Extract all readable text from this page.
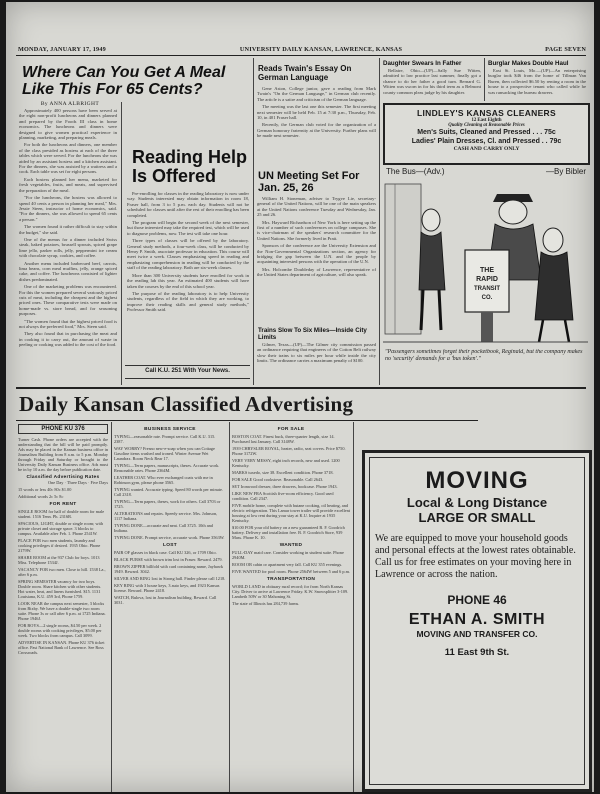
MONDAY, JANUARY 17, 1949	UNIVERSITY DAILY KANSAN, LAWRENCE, KANSAS	PAGE SEVEN
Where Can You Get A Meal Like This For 65 Cents?
By ANNA ALBRIGHT

Approximately 400 persons have been served at the eight non-profit luncheons and dinners planned and prepared by the Foods III class in home economics. The luncheons and dinners were designed to give women practical experience in planning, marketing, and preparing meals.

For both the luncheons and dinners, one member of the class presided as hostess at each of the three tables which were served. For the luncheons she was aided by an assistant hostess and a kitchen assistant. For the dinners, she was assisted by a waitress and a cook. Each table was set for eight persons.

Each hostess planned her menu, marketed for fresh vegetables, fruits, and meats, and supervised the preparation of the meal.

"For the luncheons, the hostess was allowed to spend 40 cents a person in planning her meal," Mrs. Jessie Steen, instructor of home economics, said. "For the dinners, she was allowed to spend 65 cents a person."

The women found it rather difficult to stay within the budget," she said.

One of the menus for a dinner included Swiss steak, baked potatoes, brussell sprouts, spiced grape lime jello, parker rolls, jelly, peppermint ice cream with chocolate syrup, cookies, and coffee.

Another menu included barbecued beef, carrots, lima beans, corn meal muffins, jelly, orange spiced cake, and coffee. The luncheons consisted of lighter dishes predominated.

One of the marketing problems was encountered. For this the women prepared several variously priced cuts of meat, including the cheapest and the highest priced ones. These comparative tests were made on home-made vs. store bread, and for seasoning purposes.

"The women found that the highest priced food is not always the preferred food," Mrs. Steen said.

They also found that in purchasing the meat and in cooking it to carry out, the amount of waste in peeling or cooking was added to the cost of the food.

Reading Help Is Offered

Pre-enrolling for classes in the reading laboratory is now under way. Students interested may obtain information in room 18, Fraser hall, from 3 to 5 p.m. each day. Students will not be scheduled for classes until after the rest of their enrolling has been completed.

The program will begin the second week of the next semester, but those interested may take the required test, which will be used to diagnose problems, now. The test will take one hour.

Three types of classes will be offered by the laboratory. General study methods, a four-week class, will be conducted by Henry P. Smith, associate professor in education. This course will meet twice a week. Classes emphasizing speed in reading and emphasizing comprehension in reading will be conducted by the staff of the reading laboratory. Both are six-week classes.

More than 300 University students have enrolled for work in the reading lab this year. An estimated 400 students will have taken the courses by the end of this school year.

The purpose of the reading laboratory is to help University students, regardless of the field in which they are working, to improve their reading skills and general study methods," Professor Smith said.

Call K.U. 251 With Your News.
Reads Twain's Essay On German Language

Gene Aston, College junior, gave a reading from Mark Twain's "On the German Language," in German club recently. The article is a satire and criticism of the German language.

The meeting was the last one this semester. The first meeting next semester will be held Feb. 15 at 7:30 p.m., Thursday, Feb. 10, in 401 Fraser hall.

Recently, the German club voted for the organization of a German honorary fraternity at the University. Further plans will be made next semester.

UN Meeting Set For Jan. 25, 26

William H. Stoneman, adviser to Trygve Lie, secretary-general of the United Nations, will be one of the main speakers at the United Nations conference Tuesday and Wednesday, Jan. 25 and 26.

Mrs. Hayward Richardson of New York is here setting up the first of a number of such conferences on college campuses. She is vice-chairman of the speakers' research committee for the United Nations. She formerly lived in Pratt.

Sponsors of the conference are the University Extension and the Non-Governmental Organizations section, an agency for bridging the gap between the U.N. and the people by acquainting interested persons with the operation of the U.N.

Mrs. Holcombe Doubleday of Lawrence, representative of the United States department of agriculture, will also speak.

Trains Slow To Six Miles—Inside City Limits

Gilmer, Texas—(UP)—The Gilmer city commission passed an ordinance requiring that engineers of the Cotton Belt railway slow their trains to six miles per hour while inside the city limits. The ordinance carries a maximum penalty of $100.

Daughter Swears In Father

Bellaire, Ohio—(UP)—Sally Sue Witten, admitted to law practice last summer, finally got a chance to do her father a good turn. Bernard G. Witten was sworn in for his third term as a Belmont county common pleas judge by his daughter.

Burglar Makes Double Haul

East St. Louis, Mo.—(UP)—An enterprising burglar took $46 from the home of Tillman Van Buren, then collected $6.50 by renting a room in the house to a prospective tenant who called while he was ransacking the bureau drawers.

LINDLEY'S KANSAS CLEANERS
12 East Eighth
Quality Cleaning at Reasonable Prices
Men's Suits, Cleaned and Pressed . . . 75c
Ladies' Plain Dresses, Cl. and Pressed . . 79c
CASH AND CARRY ONLY
The Bus—(Adv.)	—By Bibler
THE
RAPID
TRANSIT
CO.
"Passengers sometimes forget their pocketbook, Reginald, but the company makes no 'security' demands for a 'bus token'."
Daily Kansan Classified Advertising
PHONE KU 376
Turner Cash. Phone orders are accepted with the understanding that the bill will be paid promptly. Ads may be placed in the Kansan business office in Journalism Building from 8 a.m. to 5 p.m. Monday through Friday and Saturday or brought to the University Daily Kansan Business office. Ads must be in by 10 a.m. the day before publication date.
Classified Advertising Rates
One Day · Three Days · Five Days
15 words or less 40c 80c $1.00
Additional words 2c 5c 8c
FOR RENT
SINGLE ROOM for half of double room for male student. 1516 Tenn. Ph. 2316R.
SPACIOUS, LIGHT, double or single room; with private closet and storage space. 3 blocks to campus. Available after Feb. 1. Phone 2541W.
PLACE FOR two men students, laundry and cooking privileges if desired. 1935 Ohio. Phone 2179W.
SHARE ROOM at the 937 Club for boys. 1013 Miss. Telephone 1534J.
VACANCY FOR two men. Close to hill. 1538 La., after 6 p.m.
SPRING SEMESTER vacancy for two boys. Double room. Share kitchen with other students. Hot water, heat, and linens furnished. $15. 1131 Louisiana, K.U. 459 3rd, Phone 1759.
LOOK NEAR the campus next semester, 3 blocks from Bixby. We have a double-single two room suite. Phone 3s or call after 6 p.m. at 1725 Indiana. Phone 1946J.
FOR BOYS—2 single rooms, $4.50 per week. 2 double rooms with cooking privileges, $5.00 per week. Two blocks from campus. Call 3099.
ADVERTISE IN KANSAN. Phone KU 376 ticket office. Past National Bank of Lawrence. See Ross Crossroads.
BUSINESS SERVICE
TYPING—reasonable rate. Prompt service. Call K.U. 315. 2387.
WAY WORRY? Fresno new-e-soap when you can Cottage Gasoline items washed and ironed. Winter Avenue Wet Laundrax. Room Neck Rear 17.
TYPING—Term papers, manuscripts, theses. Accurate work. Reasonable rates. Phone 2364M.
LEATHER COAT. Who ever exchanged coats with me in Robinson gym, please phone 3565.
TYPING wanted. Accurate typing. Speed 80 words per minute. Call 2318.
TYPING—Term papers, theses, work for others. Call 3703 or 1725.
ALTERATIONS and repairs. Speedy service. Mrs. Johnson, 1117 Indiana.
TYPING DONE—accurate and neat. Call 3725. 10th and Indiana.
TYPING DONE. Prompt service, accurate work. Phone 3563W.
LOST
PAIR OF glasses in black case. Call KU 326, or 1709 Ohio.
BLACK PURSE with brown trim lost in Fraser. Reward. 2479.
BROWN ZIPPER billfold with card containing name, Jayhawk 1949. Reward. 3042.
SILVER AND RING lost in Strong hall. Finder please call 1218.
KEY RING with 3 house keys, 3 auto keys, and 1923 Kansas license. Reward. Phone 2418.
WATCH, Bulova, lost in Journalism building. Reward. Call 3031.
FOR SALE
BOSTON COAT. Finest buck, three-quarter length, size 14. Purchased last January. Call 3148W.
1939 CHRYSLER ROYAL, heater, radio, seat covers. Price $750. Phone 3172W.
VERY VERY MESSY, eight inch records, new and used. 1200 Kentucky.
MARKS tuxedo, size 38. Excellent condition. Phone 3718.
FOR SALE Good cookstove. Reasonable. Call 2643.
SET Ironwood dresser, three drawers, bookcase. Phone 1943.
LIKE NEW FRA Scottish five-room efficiency. Good used condition. Call 2347.
FIVE mobile home, complete with butane cooking, oil heating, and electric refrigeration. This Lamar tower trailer will provide excellent housing at low rent during your stay at K.U. Inquire at 1935 Kentucky.
$10.00 FOR your old battery on a new guaranteed B. F. Goodrich battery. Delivery and installation free. B. F. Goodrich Store, 939 Mass. Phone K. 10.
WANTED
FULL-DAY maid care. Consider working in student suite. Phone 2940M.
ROOM OR cabin or apartment very fall. Call KU 355 evenings.
FIVE WANTED for pool room. Phone 2564W between 5 and 6 p.m.
TRANSPORTATION
WORLD LAND in obituary rural record; for from North Kansas City. Driver to arrive at Lawrence Friday. K.W. Snowsplitter 3-109. Lambeth 50W or 30 Mahoning St.
The state of Illinois has 284,739 farms.
MOVING
Local & Long Distance
LARGE OR SMALL
We are equipped to move your household goods and personal effects at the lowest rates obtainable. Call us for free estimates on your moving here in Lawrence or across the nation.
PHONE 46
ETHAN A. SMITH
MOVING AND TRANSFER CO.
11 East 9th St.
